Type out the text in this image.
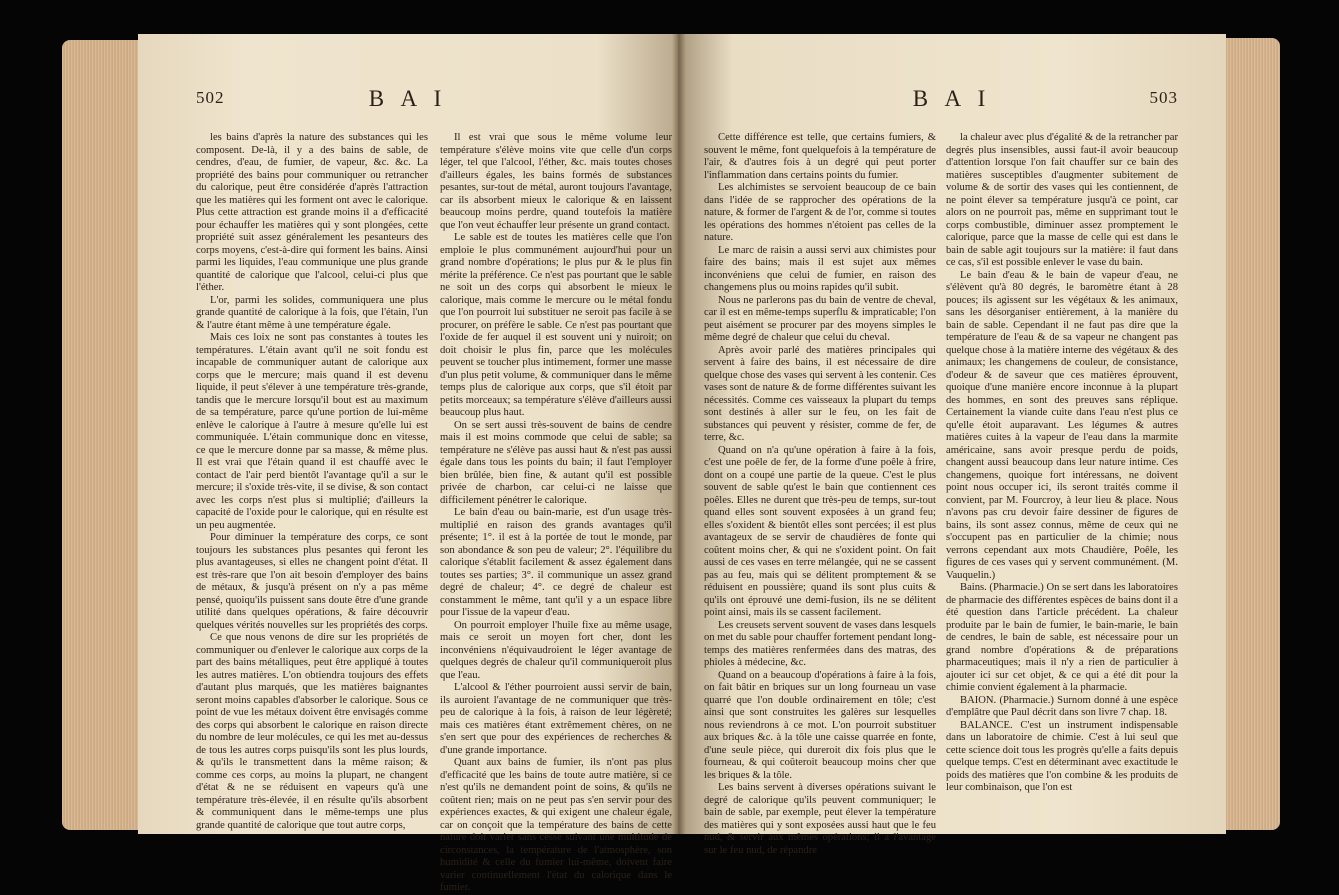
502	B A I

les bains d'après la nature des substances qui les composent. De-là, il y a des bains de sable, de cendres, d'eau, de fumier, de vapeur, &c. &c. La propriété des bains pour communiquer ou retrancher du calorique, peut être considérée d'après l'attraction que les matières qui les forment ont avec le calorique. Plus cette attraction est grande moins il a d'efficacité pour échauffer les matières qui y sont plongées, cette propriété suit assez généralement les pesanteurs des corps moyens, c'est-à-dire qui forment les bains. Ainsi parmi les liquides, l'eau communique une plus grande quantité de calorique que l'alcool, celui-ci plus que l'éther.

L'or, parmi les solides, communiquera une plus grande quantité de calorique à la fois, que l'étain, l'un & l'autre étant même à une température égale.

Mais ces loix ne sont pas constantes à toutes les températures. L'étain avant qu'il ne soit fondu est incapable de communiquer autant de calorique aux corps que le mercure; mais quand il est devenu liquide, il peut s'élever à une température très-grande, tandis que le mercure lorsqu'il bout est au maximum de sa température, parce qu'une portion de lui-même enlève le calorique à l'autre à mesure qu'elle lui est communiquée. L'étain communique donc en vitesse, ce que le mercure donne par sa masse, & même plus. Il est vrai que l'étain quand il est chauffé avec le contact de l'air perd bientôt l'avantage qu'il a sur le mercure; il s'oxide très-vite, il se divise, & son contact avec les corps n'est plus si multiplié; d'ailleurs la capacité de l'oxide pour le calorique, qui en résulte est un peu augmentée.

Pour diminuer la température des corps, ce sont toujours les substances plus pesantes qui feront les plus avantageuses, si elles ne changent point d'état. Il est très-rare que l'on ait besoin d'employer des bains de métaux, & jusqu'à présent on n'y a pas même pensé, quoiqu'ils puissent sans doute être d'une grande utilité dans quelques opérations, & faire découvrir quelques vérités nouvelles sur les propriétés des corps.

Ce que nous venons de dire sur les propriétés de communiquer ou d'enlever le calorique aux corps de la part des bains métalliques, peut être appliqué à toutes les autres matières. L'on obtiendra toujours des effets d'autant plus marqués, que les matières baignantes seront moins capables d'absorber le calorique. Sous ce point de vue les métaux doivent être envisagés comme des corps qui absorbent le calorique en raison directe du nombre de leur molécules, ce qui les met au-dessus de tous les autres corps puisqu'ils sont les plus lourds, & qu'ils le transmettent dans la même raison; & comme ces corps, au moins la plupart, ne changent d'état & ne se réduisent en vapeurs qu'à une température très-élevée, il en résulte qu'ils absorbent & communiquent dans le même-temps une plus grande quantité de calorique que tout autre corps,

Il est vrai que sous le même volume leur température s'élève moins vite que celle d'un corps léger, tel que l'alcool, l'éther, &c. mais toutes choses d'ailleurs égales, les bains formés de substances pesantes, sur-tout de métal, auront toujours l'avantage, car ils absorbent mieux le calorique & en laissent beaucoup moins perdre, quand toutefois la matière que l'on veut échauffer leur présente un grand contact.

Le sable est de toutes les matières celle que l'on emploie le plus communément aujourd'hui pour un grand nombre d'opérations; le plus pur & le plus fin mérite la préférence. Ce n'est pas pourtant que le sable ne soit un des corps qui absorbent le mieux le calorique, mais comme le mercure ou le métal fondu que l'on pourroit lui substituer ne seroit pas facile à se procurer, on préfère le sable. Ce n'est pas pourtant que l'oxide de fer auquel il est souvent uni y nuiroit; on doit choisir le plus fin, parce que les molécules peuvent se toucher plus intimement, former une masse d'un plus petit volume, & communiquer dans le même temps plus de calorique aux corps, que s'il étoit par petits morceaux; sa température s'élève d'ailleurs aussi beaucoup plus haut.

On se sert aussi très-souvent de bains de cendre mais il est moins commode que celui de sable; sa température ne s'élève pas aussi haut & n'est pas aussi égale dans tous les points du bain; il faut l'employer bien brûlée, bien fine, & autant qu'il est possible privée de charbon, car celui-ci ne laisse que difficilement pénétrer le calorique.

Le bain d'eau ou bain-marie, est d'un usage très-multiplié en raison des grands avantages qu'il présente; 1°. il est à la portée de tout le monde, par son abondance & son peu de valeur; 2°. l'équilibre du calorique s'établit facilement & assez également dans toutes ses parties; 3°. il communique un assez grand degré de chaleur; 4°. ce degré de chaleur est constamment le même, tant qu'il y a un espace libre pour l'issue de la vapeur d'eau.

On pourroit employer l'huile fixe au même usage, mais ce seroit un moyen fort cher, dont les inconvéniens n'équivaudroient le léger avantage de quelques degrés de chaleur qu'il communiqueroit plus que l'eau.

L'alcool & l'éther pourroient aussi servir de bain, ils auroient l'avantage de ne communiquer que très-peu de calorique à la fois, à raison de leur légèreté; mais ces matières étant extrêmement chères, on ne s'en sert que pour des expériences de recherches & d'une grande importance.

Quant aux bains de fumier, ils n'ont pas plus d'efficacité que les bains de toute autre matière, si ce n'est qu'ils ne demandent point de soins, & qu'ils ne coûtent rien; mais on ne peut pas s'en servir pour des expériences exactes, & qui exigent une chaleur égale, car on conçoit que la température des bains de cette nature doit varier sans cesse suivant une multitude de circonstances, la température de l'atmosphère, son humidité & celle du fumier lui-même, doivent faire varier continuellement l'état du calorique dans le fumier.

503
B A I

Cette différence est telle, que certains fumiers, & souvent le même, font quelquefois à la température de l'air, & d'autres fois à un degré qui peut porter l'inflammation dans certains points du fumier.

Les alchimistes se servoient beaucoup de ce bain dans l'idée de se rapprocher des opérations de la nature, & former de l'argent & de l'or, comme si toutes les opérations des hommes n'étoient pas celles de la nature.

Le marc de raisin a aussi servi aux chimistes pour faire des bains; mais il est sujet aux mêmes inconvéniens que celui de fumier, en raison des changemens plus ou moins rapides qu'il subit.

Nous ne parlerons pas du bain de ventre de cheval, car il est en même-temps superflu & impraticable; l'on peut aisément se procurer par des moyens simples le même degré de chaleur que celui du cheval.

Après avoir parlé des matières principales qui servent à faire des bains, il est nécessaire de dire quelque chose des vases qui servent à les contenir. Ces vases sont de nature & de forme différentes suivant les nécessités. Comme ces vaisseaux la plupart du temps sont destinés à aller sur le feu, on les fait de substances qui peuvent y résister, comme de fer, de terre, &c.

Quand on n'a qu'une opération à faire à la fois, c'est une poêle de fer, de la forme d'une poêle à frire, dont on a coupé une partie de la queue. C'est le plus souvent de sable qu'est le bain que contiennent ces poêles. Elles ne durent que très-peu de temps, sur-tout quand elles sont souvent exposées à un grand feu; elles s'oxident & bientôt elles sont percées; il est plus avantageux de se servir de chaudières de fonte qui coûtent moins cher, & qui ne s'oxident point. On fait aussi de ces vases en terre mélangée, qui ne se cassent pas au feu, mais qui se délitent promptement & se réduisent en poussière; quand ils sont plus cuits & qu'ils ont éprouvé une demi-fusion, ils ne se délitent point ainsi, mais ils se cassent facilement.

Les creusets servent souvent de vases dans lesquels on met du sable pour chauffer fortement pendant long-temps des matières renfermées dans des matras, des phioles à médecine, &c.

Quand on a beaucoup d'opérations à faire à la fois, on fait bâtir en briques sur un long fourneau un vase quarré que l'on double ordinairement en tôle; c'est ainsi que sont construites les galères sur lesquelles nous reviendrons à ce mot. L'on pourroit substituer aux briques &c. à la tôle une caisse quarrée en fonte, d'une seule pièce, qui dureroit dix fois plus que le fourneau, & qui coûteroit beaucoup moins cher que les briques & la tôle.

Les bains servent à diverses opérations suivant le degré de calorique qu'ils peuvent communiquer; le bain de sable, par exemple, peut élever la température des matières qui y sont exposées aussi haut que le feu nud, & servir aux mêmes opérations; il a l'avantage sur le feu nud, de répandre

la chaleur avec plus d'égalité & de la retrancher par degrés plus insensibles, aussi faut-il avoir beaucoup d'attention lorsque l'on fait chauffer sur ce bain des matières susceptibles d'augmenter subitement de volume & de sortir des vases qui les contiennent, de ne point élever sa température jusqu'à ce point, car alors on ne pourroit pas, même en supprimant tout le corps combustible, diminuer assez promptement le calorique, parce que la masse de celle qui est dans le bain de sable agit toujours sur la matière: il faut dans ce cas, s'il est possible enlever le vase du bain.

Le bain d'eau & le bain de vapeur d'eau, ne s'élèvent qu'à 80 degrés, le baromètre étant à 28 pouces; ils agissent sur les végétaux & les animaux, sans les désorganiser entièrement, à la manière du bain de sable. Cependant il ne faut pas dire que la température de l'eau & de sa vapeur ne changent pas quelque chose à la matière interne des végétaux & des animaux; les changemens de couleur, de consistance, d'odeur & de saveur que ces matières éprouvent, quoique d'une manière encore inconnue à la plupart des hommes, en sont des preuves sans réplique. Certainement la viande cuite dans l'eau n'est plus ce qu'elle étoit auparavant. Les légumes & autres matières cuites à la vapeur de l'eau dans la marmite américaine, sans avoir presque perdu de poids, changent aussi beaucoup dans leur nature intime. Ces changemens, quoique fort intéressans, ne doivent point nous occuper ici, ils seront traités comme il convient, par M. Fourcroy, à leur lieu & place. Nous n'avons pas cru devoir faire dessiner de figures de bains, ils sont assez connus, même de ceux qui ne s'occupent pas en particulier de la chimie; nous verrons cependant aux mots Chaudière, Poêle, les figures de ces vases qui y servent communément. (M. Vauquelin.)

Bains. (Pharmacie.) On se sert dans les laboratoires de pharmacie des différentes espèces de bains dont il a été question dans l'article précédent. La chaleur produite par le bain de fumier, le bain-marie, le bain de cendres, le bain de sable, est nécessaire pour un grand nombre d'opérations & de préparations pharmaceutiques; mais il n'y a rien de particulier à ajouter ici sur cet objet, & ce qui a été dit pour la chimie convient également à la pharmacie.

BAION. (Pharmacie.) Surnom donné à une espèce d'emplâtre que Paul décrit dans son livre 7 chap. 18.

BALANCE. C'est un instrument indispensable dans un laboratoire de chimie. C'est à lui seul que cette science doit tous les progrès qu'elle a faits depuis quelque temps. C'est en déterminant avec exactitude le poids des matières que l'on combine & les produits de leur combinaison, que l'on est
